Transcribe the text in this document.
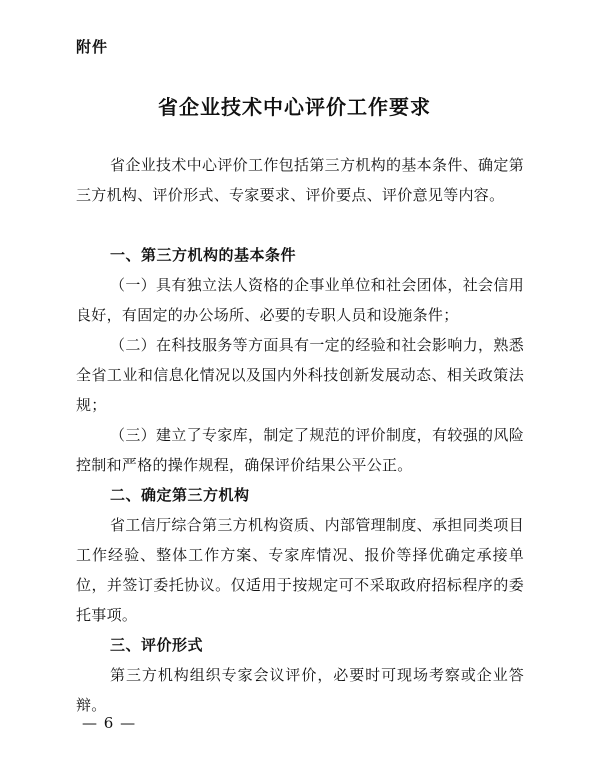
附件
省企业技术中心评价工作要求
省企业技术中心评价工作包括第三方机构的基本条件、确定第三方机构、评价形式、专家要求、评价要点、评价意见等内容。
一、第三方机构的基本条件
（一）具有独立法人资格的企事业单位和社会团体，社会信用良好，有固定的办公场所、必要的专职人员和设施条件；
（二）在科技服务等方面具有一定的经验和社会影响力，熟悉全省工业和信息化情况以及国内外科技创新发展动态、相关政策法规；
（三）建立了专家库，制定了规范的评价制度，有较强的风险控制和严格的操作规程，确保评价结果公平公正。
二、确定第三方机构
省工信厅综合第三方机构资质、内部管理制度、承担同类项目工作经验、整体工作方案、专家库情况、报价等择优确定承接单位，并签订委托协议。仅适用于按规定可不采取政府招标程序的委托事项。
三、评价形式
第三方机构组织专家会议评价，必要时可现场考察或企业答辩。
— 6 —
